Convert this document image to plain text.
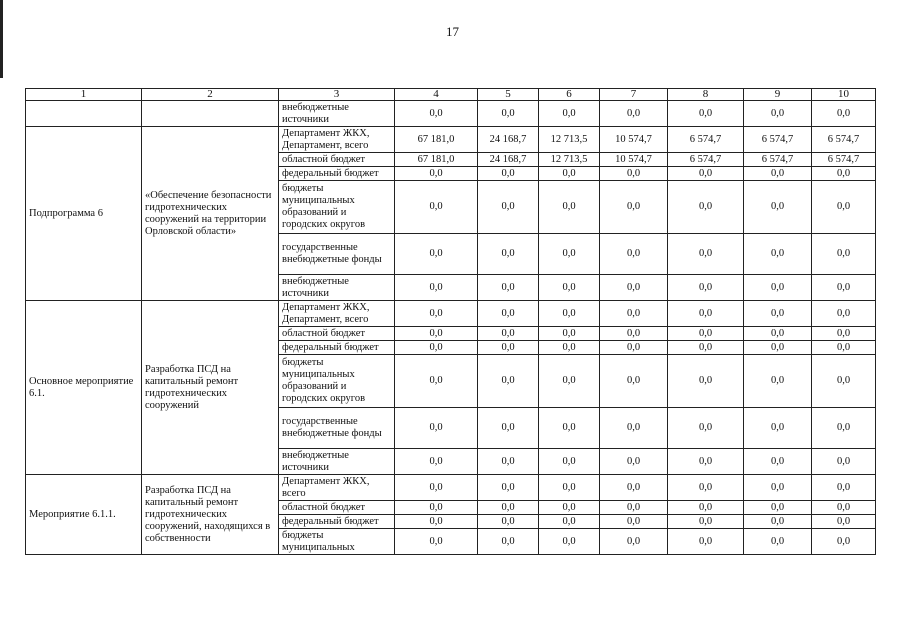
17
1	2	3	4	5	6	7	8	9	10
		внебюджетные источники	0,0	0,0	0,0	0,0	0,0	0,0	0,0
Подпрограмма 6	«Обеспечение безопасности гидротехнических сооружений на территории Орловской области»	Департамент ЖКХ, Департамент, всего	67 181,0	24 168,7	12 713,5	10 574,7	6 574,7	6 574,7	6 574,7
		областной бюджет	67 181,0	24 168,7	12 713,5	10 574,7	6 574,7	6 574,7	6 574,7
		федеральный бюджет	0,0	0,0	0,0	0,0	0,0	0,0	0,0
		бюджеты муниципальных образований и городских округов	0,0	0,0	0,0	0,0	0,0	0,0	0,0
		государственные внебюджетные фонды	0,0	0,0	0,0	0,0	0,0	0,0	0,0
		внебюджетные источники	0,0	0,0	0,0	0,0	0,0	0,0	0,0
Основное мероприятие 6.1.	Разработка ПСД на капитальный ремонт гидротехнических сооружений	Департамент ЖКХ, Департамент, всего	0,0	0,0	0,0	0,0	0,0	0,0	0,0
		областной бюджет	0,0	0,0	0,0	0,0	0,0	0,0	0,0
		федеральный бюджет	0,0	0,0	0,0	0,0	0,0	0,0	0,0
		бюджеты муниципальных образований и городских округов	0,0	0,0	0,0	0,0	0,0	0,0	0,0
		государственные внебюджетные фонды	0,0	0,0	0,0	0,0	0,0	0,0	0,0
		внебюджетные источники	0,0	0,0	0,0	0,0	0,0	0,0	0,0
Мероприятие 6.1.1.	Разработка ПСД на капитальный ремонт гидротехнических сооружений, находящихся в собственности	Департамент ЖКХ, всего	0,0	0,0	0,0	0,0	0,0	0,0	0,0
		областной бюджет	0,0	0,0	0,0	0,0	0,0	0,0	0,0
		федеральный бюджет	0,0	0,0	0,0	0,0	0,0	0,0	0,0
		бюджеты муниципальных	0,0	0,0	0,0	0,0	0,0	0,0	0,0
